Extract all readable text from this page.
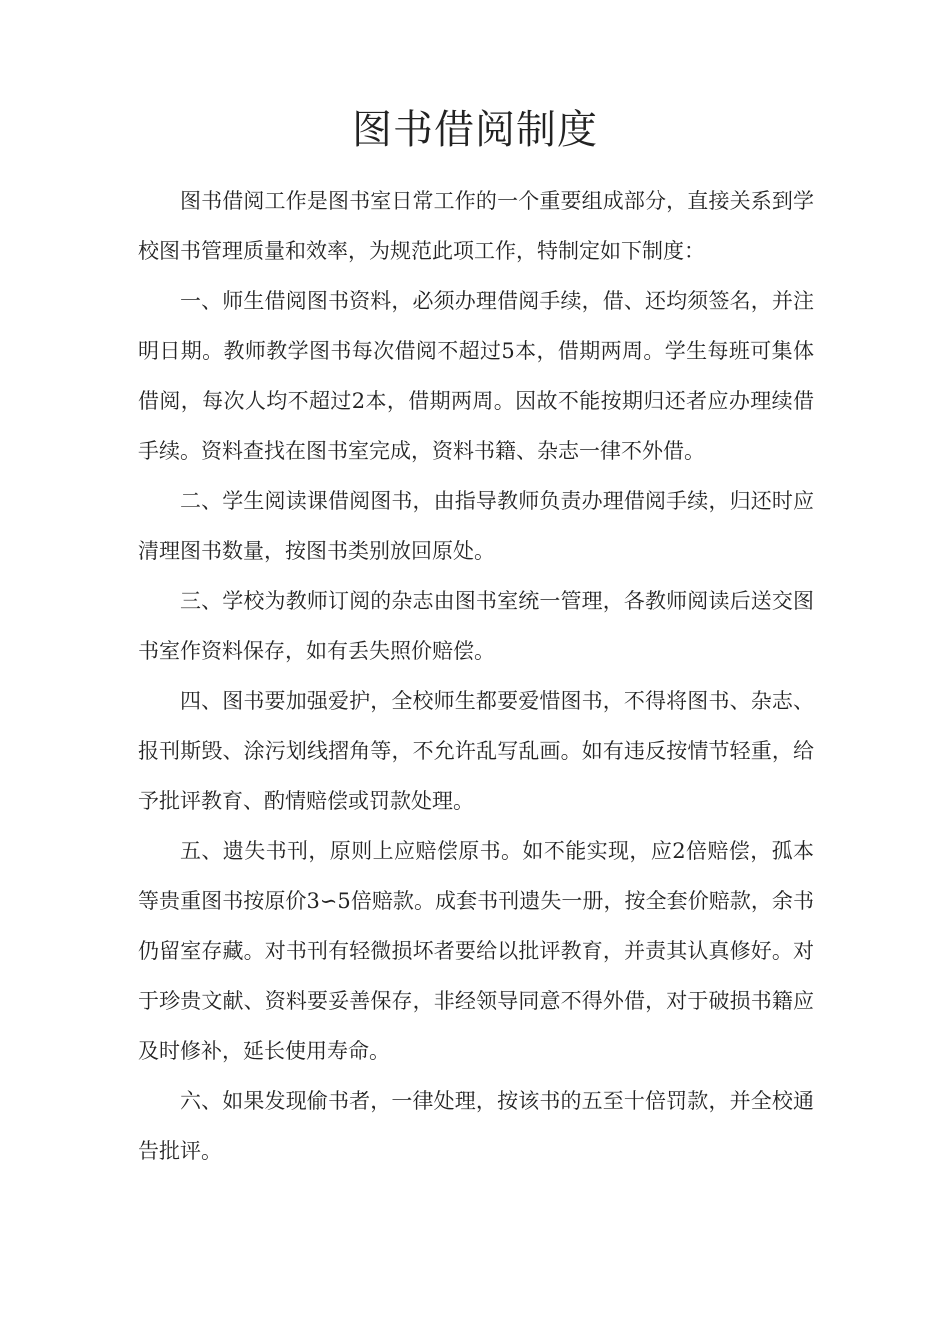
图书借阅制度

图书借阅工作是图书室日常工作的一个重要组成部分，直接关系到学校图书管理质量和效率，为规范此项工作，特制定如下制度：

一、师生借阅图书资料，必须办理借阅手续，借、还均须签名，并注明日期。教师教学图书每次借阅不超过5本，借期两周。学生每班可集体借阅，每次人均不超过2本，借期两周。因故不能按期归还者应办理续借手续。资料查找在图书室完成，资料书籍、杂志一律不外借。

二、学生阅读课借阅图书，由指导教师负责办理借阅手续，归还时应清理图书数量，按图书类别放回原处。

三、学校为教师订阅的杂志由图书室统一管理，各教师阅读后送交图书室作资料保存，如有丢失照价赔偿。

四、图书要加强爱护，全校师生都要爱惜图书，不得将图书、杂志、报刊斯毁、涂污划线摺角等，不允许乱写乱画。如有违反按情节轻重，给予批评教育、酌情赔偿或罚款处理。

五、遗失书刊，原则上应赔偿原书。如不能实现，应2倍赔偿，孤本等贵重图书按原价3∽5倍赔款。成套书刊遗失一册，按全套价赔款，余书仍留室存藏。对书刊有轻微损坏者要给以批评教育，并责其认真修好。对于珍贵文献、资料要妥善保存，非经领导同意不得外借，对于破损书籍应及时修补，延长使用寿命。

六、如果发现偷书者，一律处理，按该书的五至十倍罚款，并全校通告批评。
